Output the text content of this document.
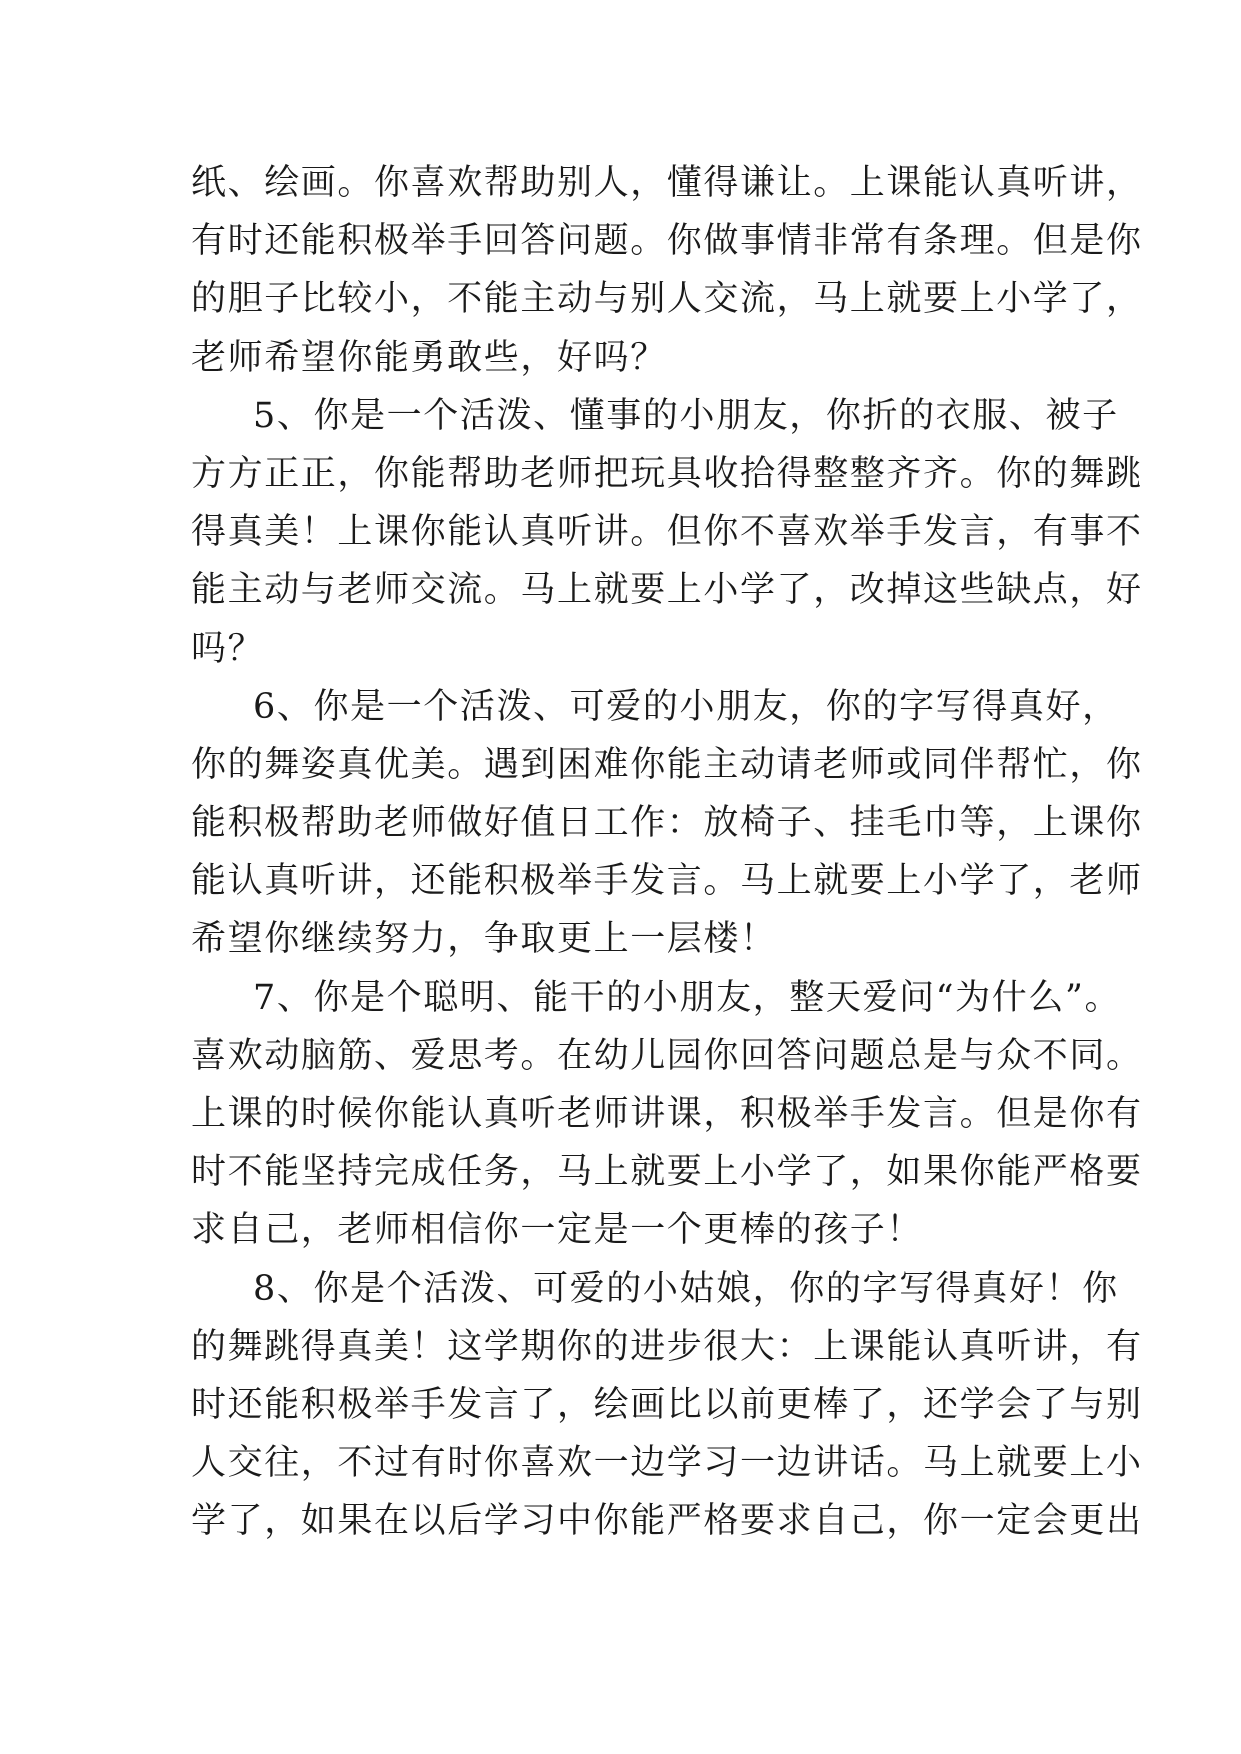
纸、绘画。你喜欢帮助别人，懂得谦让。上课能认真听讲，
有时还能积极举手回答问题。你做事情非常有条理。但是你
的胆子比较小，不能主动与别人交流，马上就要上小学了，
老师希望你能勇敢些，好吗？
5、你是一个活泼、懂事的小朋友，你折的衣服、被子
方方正正，你能帮助老师把玩具收拾得整整齐齐。你的舞跳
得真美！上课你能认真听讲。但你不喜欢举手发言，有事不
能主动与老师交流。马上就要上小学了，改掉这些缺点，好
吗？
6、你是一个活泼、可爱的小朋友，你的字写得真好，
你的舞姿真优美。遇到困难你能主动请老师或同伴帮忙，你
能积极帮助老师做好值日工作：放椅子、挂毛巾等，上课你
能认真听讲，还能积极举手发言。马上就要上小学了，老师
希望你继续努力，争取更上一层楼！
7、你是个聪明、能干的小朋友，整天爱问“为什么”。
喜欢动脑筋、爱思考。在幼儿园你回答问题总是与众不同。
上课的时候你能认真听老师讲课，积极举手发言。但是你有
时不能坚持完成任务，马上就要上小学了，如果你能严格要
求自己，老师相信你一定是一个更棒的孩子！
8、你是个活泼、可爱的小姑娘，你的字写得真好！你
的舞跳得真美！这学期你的进步很大：上课能认真听讲，有
时还能积极举手发言了，绘画比以前更棒了，还学会了与别
人交往，不过有时你喜欢一边学习一边讲话。马上就要上小
学了，如果在以后学习中你能严格要求自己，你一定会更出
